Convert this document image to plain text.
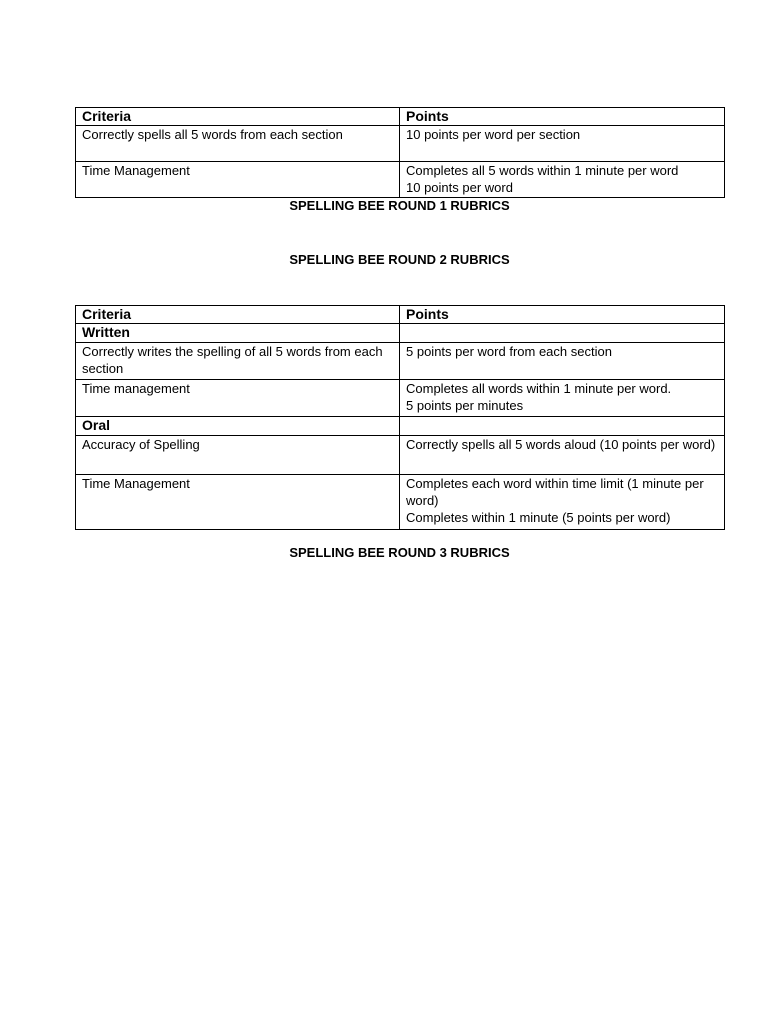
Criteria	Points
Correctly spells all 5 words from each section	10 points per word per section

Time Management	Completes all 5 words within 1 minute per word
10 points per word
SPELLING BEE ROUND 1 RUBRICS
SPELLING BEE ROUND 2 RUBRICS
Criteria	Points
Written	
Correctly writes the spelling of all 5 words from each section	5 points per word from each section

Time management	Completes all words within 1 minute per word.
5 points per minutes

Oral	
Accuracy of Spelling	Correctly spells all 5 words aloud (10 points per word)

Time Management	Completes each word within time limit (1 minute per word)
Completes within 1 minute (5 points per word)
SPELLING BEE ROUND 3 RUBRICS
